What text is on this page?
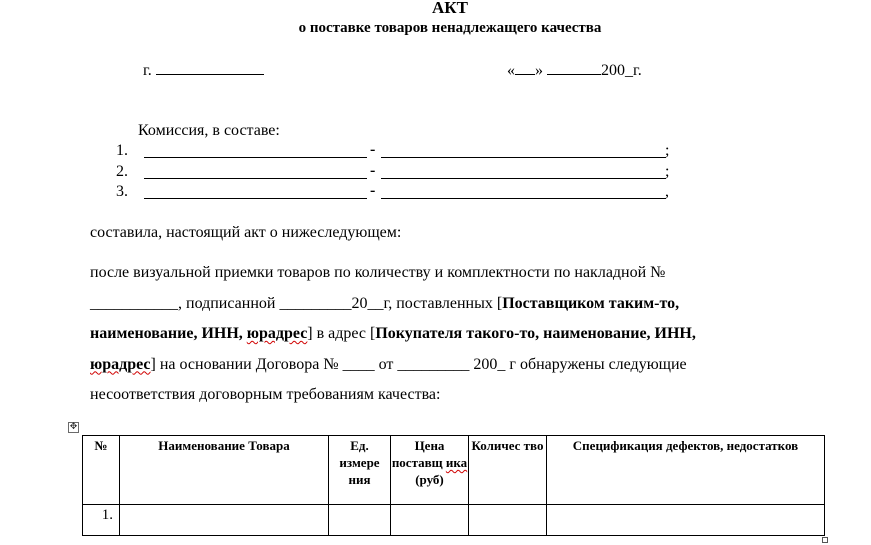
АКТ
о поставке товаров ненадлежащего качества
г.	« »	200_г.
Комиссия, в составе:
1.	-	;
2.	-	;
3.	-	,
составила, настоящий акт о нижеследующем:
после визуальной приемки товаров по количеству и комплектности по накладной №
___________, подписанной _________20__г, поставленных [Поставщиком таким-то,
наименование, ИНН, юрадрес] в адрес [Покупателя такого-то, наименование, ИНН,
юрадрес] на основании Договора № ____ от _________ 200_ г обнаружены следующие
несоответствия договорным требованиям качества:
✥
№	Наименование Товара	Ед. измере ния	Цена поставщ ика (руб)	Количес тво	Спецификация дефектов, недостатков
1.					
